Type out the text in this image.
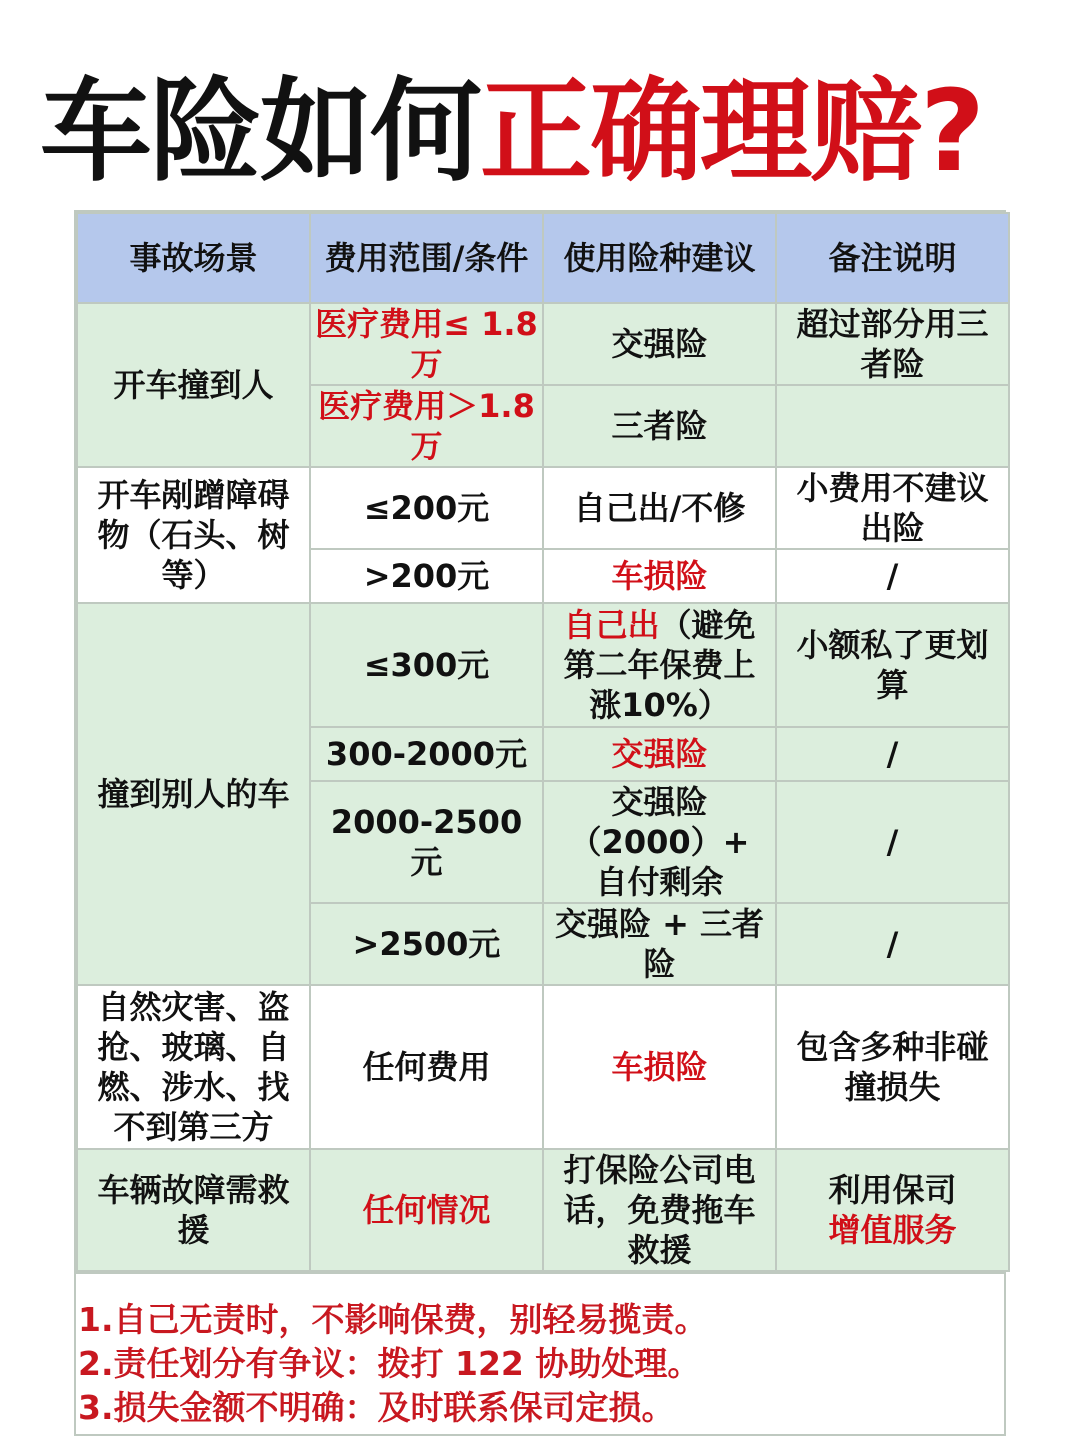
车险如何正确理赔?
事故场景	费用范围/条件	使用险种建议	备注说明
开车撞到人	医疗费用≤ 1.8万	交强险	超过部分用三者险
	医疗费用＞1.8万	三者险	
开车剐蹭障碍物（石头、树等）	≤200元	自己出/不修	小费用不建议出险
	>200元	车损险	/
撞到别人的车	≤300元	自己出（避免第二年保费上涨10%）	小额私了更划算
	300-2000元	交强险	/
	2000-2500元	交强险（2000）+ 自付剩余	/
	>2500元	交强险 + 三者险	/
自然灾害、盗抢、玻璃、自燃、涉水、找不到第三方	任何费用	车损险	包含多种非碰撞损失
车辆故障需救援	任何情况	打保险公司电话，免费拖车救援	利用保司
增值服务
1.自己无责时，不影响保费，别轻易揽责。
2.责任划分有争议：拨打 122 协助处理。
3.损失金额不明确：及时联系保司定损。
